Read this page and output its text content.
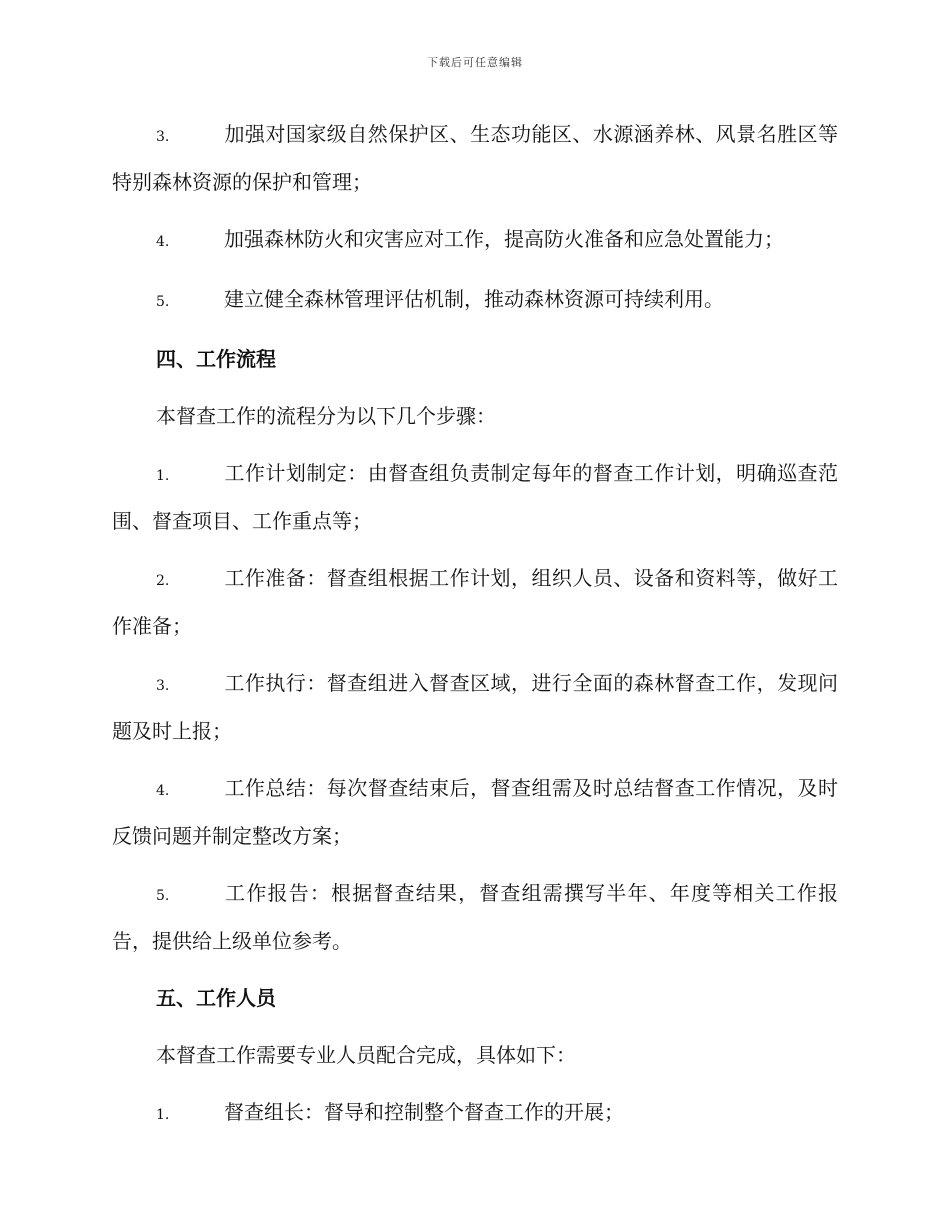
下载后可任意编辑
3.	加强对国家级自然保护区、生态功能区、水源涵养林、风景名胜区等特别森林资源的保护和管理；
4.	加强森林防火和灾害应对工作，提高防火准备和应急处置能力；
5.	建立健全森林管理评估机制，推动森林资源可持续利用。
四、工作流程
本督查工作的流程分为以下几个步骤：
1.	工作计划制定：由督查组负责制定每年的督查工作计划，明确巡查范围、督查项目、工作重点等；
2.	工作准备：督查组根据工作计划，组织人员、设备和资料等，做好工作准备；
3.	工作执行：督查组进入督查区域，进行全面的森林督查工作，发现问题及时上报；
4.	工作总结：每次督查结束后，督查组需及时总结督查工作情况，及时反馈问题并制定整改方案；
5.	工作报告：根据督查结果，督查组需撰写半年、年度等相关工作报告，提供给上级单位参考。
五、工作人员
本督查工作需要专业人员配合完成，具体如下：
1.	督查组长：督导和控制整个督查工作的开展；
